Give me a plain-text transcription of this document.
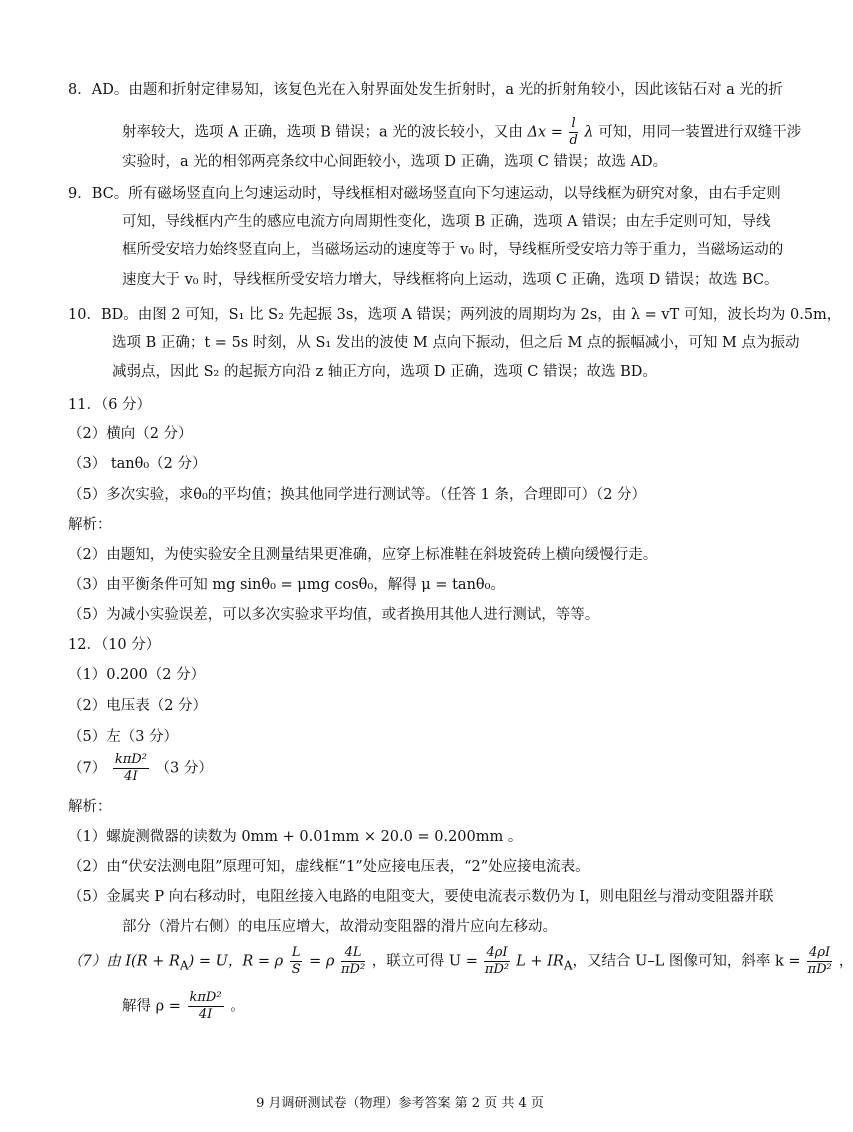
8．AD。由题和折射定律易知，该复色光在入射界面处发生折射时，a 光的折射角较小，因此该钻石对 a 光的折
射率较大，选项 A 正确，选项 B 错误；a 光的波长较小，又由 $\Delta x = \frac{l}{d}$ λ 可知，用同一装置进行双缝干涉
实验时，a 光的相邻两亮条纹中心间距较小，选项 D 正确，选项 C 错误；故选 AD。
9．BC。所有磁场竖直向上匀速运动时，导线框相对磁场竖直向下匀速运动，以导线框为研究对象，由右手定则
可知，导线框内产生的感应电流方向周期性变化，选项 B 正确，选项 A 错误；由左手定则可知，导线
框所受安培力始终竖直向上，当磁场运动的速度等于 v₀ 时，导线框所受安培力等于重力，当磁场运动的
速度大于 v₀ 时，导线框所受安培力增大，导线框将向上运动，选项 C 正确，选项 D 错误；故选 BC。
10．BD。由图 2 可知，S₁ 比 S₂ 先起振 3s，选项 A 错误；两列波的周期均为 2s，由 λ = vT 可知，波长均为 0.5m，
选项 B 正确；t = 5s 时刻，从 S₁ 发出的波使 M 点向下振动，但之后 M 点的振幅减小，可知 M 点为振动
减弱点，因此 S₂ 的起振方向沿 z 轴正方向，选项 D 正确，选项 C 错误；故选 BD。
11．（6 分）
（2）横向（2 分）
（3） tanθ₀（2 分）
（5）多次实验，求θ₀的平均值；换其他同学进行测试等。（任答 1 条，合理即可）（2 分）
解析：
（2）由题知，为使实验安全且测量结果更准确，应穿上标准鞋在斜坡瓷砖上横向缓慢行走。
（3）由平衡条件可知 mg sinθ₀ = μmg cosθ₀，解得 μ = tanθ₀。
（5）为减小实验误差，可以多次实验求平均值，或者换用其他人进行测试，等等。
12．（10 分）
（1）0.200（2 分）
（2）电压表（2 分）
（5）左（3 分）
$(7) \frac{\text{kπD²}}{4I} (3$ 分）
解析：
（1）螺旋测微器的读数为 0mm + 0.01mm × 20.0 = 0.200mm 。
（2）由“伏安法测电阻”原理可知，虚线框“1”处应接电压表，“2”处应接电流表。
（5）金属夹 P 向右移动时，电阻丝接入电路的电阻变大，要使电流表示数仍为 I，则电阻丝与滑动变阻器并联
部分（滑片右侧）的电压应增大，故滑动变阻器的滑片应向左移动。
（7）由 $I(R + R_A) = U$，R = ρ $\frac{L}{S} = \rho \frac{4L}{\text{πD²}}$ ，联立可得 $U = \frac{4\rho I}{\text{πD²}}$ $L + IR_A$，又结合 U–L 图像可知，斜率 $k = \frac{4\rho I}{\text{πD²}}$ ，
解得 $\rho = \frac{\text{kπD²}}{4I}$ 。
9 月调研测试卷（物理）参考答案 第 2 页 共 4 页
